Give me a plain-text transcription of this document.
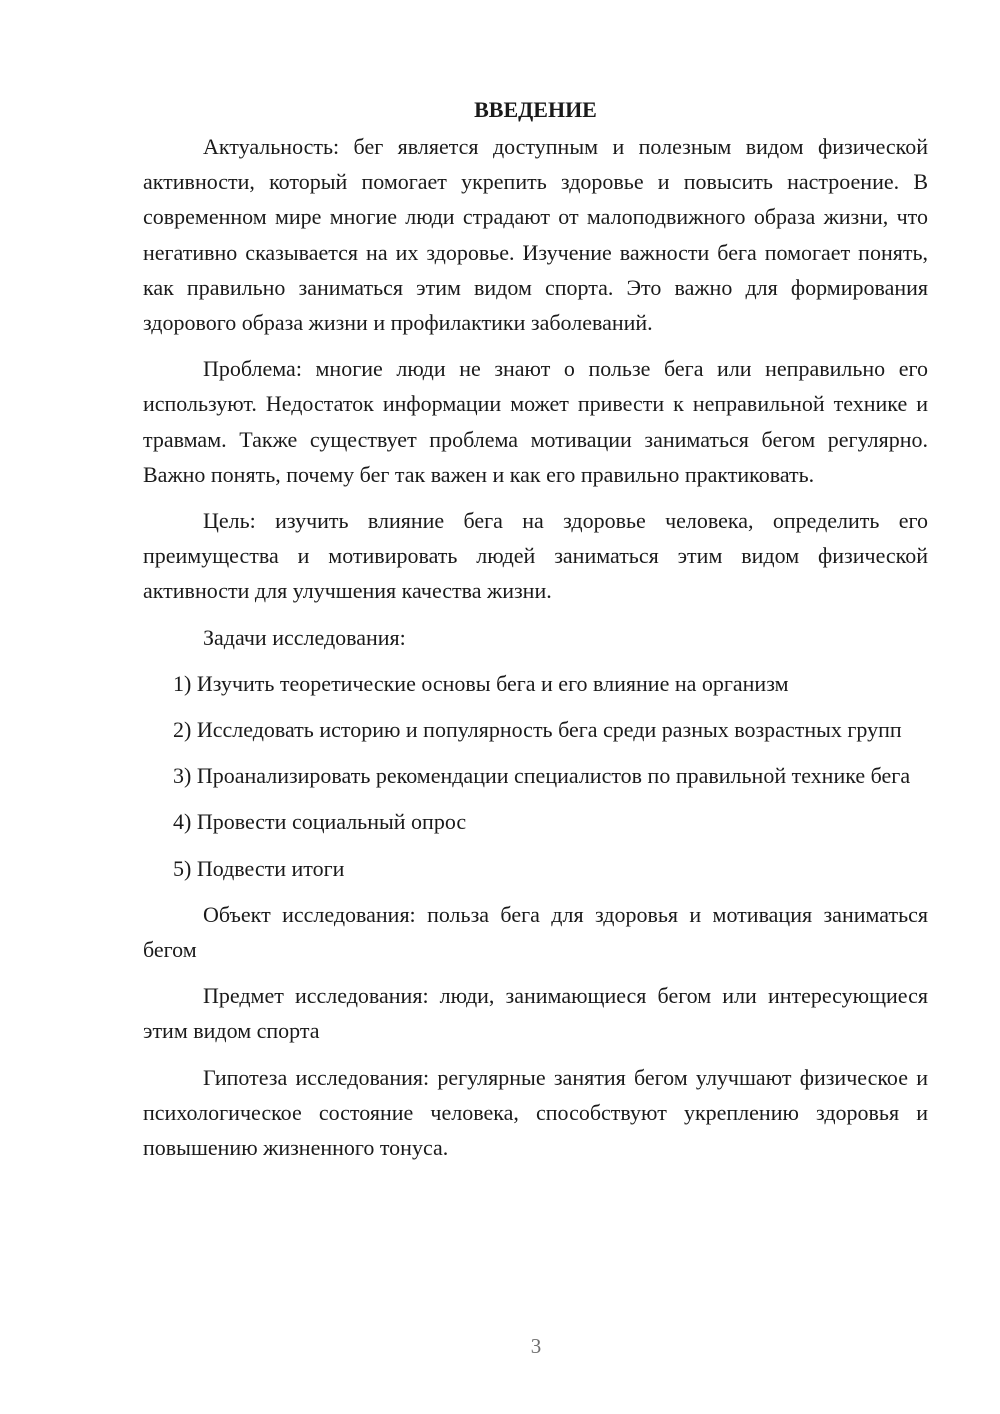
ВВЕДЕНИЕ

Актуальность: бег является доступным и полезным видом физической активности, который помогает укрепить здоровье и повысить настроение. В современном мире многие люди страдают от малоподвижного образа жизни, что негативно сказывается на их здоровье. Изучение важности бега помогает понять, как правильно заниматься этим видом спорта. Это важно для формирования здорового образа жизни и профилактики заболеваний.

Проблема: многие люди не знают о пользе бега или неправильно его используют. Недостаток информации может привести к неправильной технике и травмам. Также существует проблема мотивации заниматься бегом регулярно. Важно понять, почему бег так важен и как его правильно практиковать.

Цель: изучить влияние бега на здоровье человека, определить его преимущества и мотивировать людей заниматься этим видом физической активности для улучшения качества жизни.

Задачи исследования:

1) Изучить теоретические основы бега и его влияние на организм

2) Исследовать историю и популярность бега среди разных возрастных групп

3) Проанализировать рекомендации специалистов по правильной технике бега

4) Провести социальный опрос

5) Подвести итоги

Объект исследования: польза бега для здоровья и мотивация заниматься бегом

Предмет исследования: люди, занимающиеся бегом или интересующиеся этим видом спорта

Гипотеза исследования: регулярные занятия бегом улучшают физическое и психологическое состояние человека, способствуют укреплению здоровья и повышению жизненного тонуса.

3
